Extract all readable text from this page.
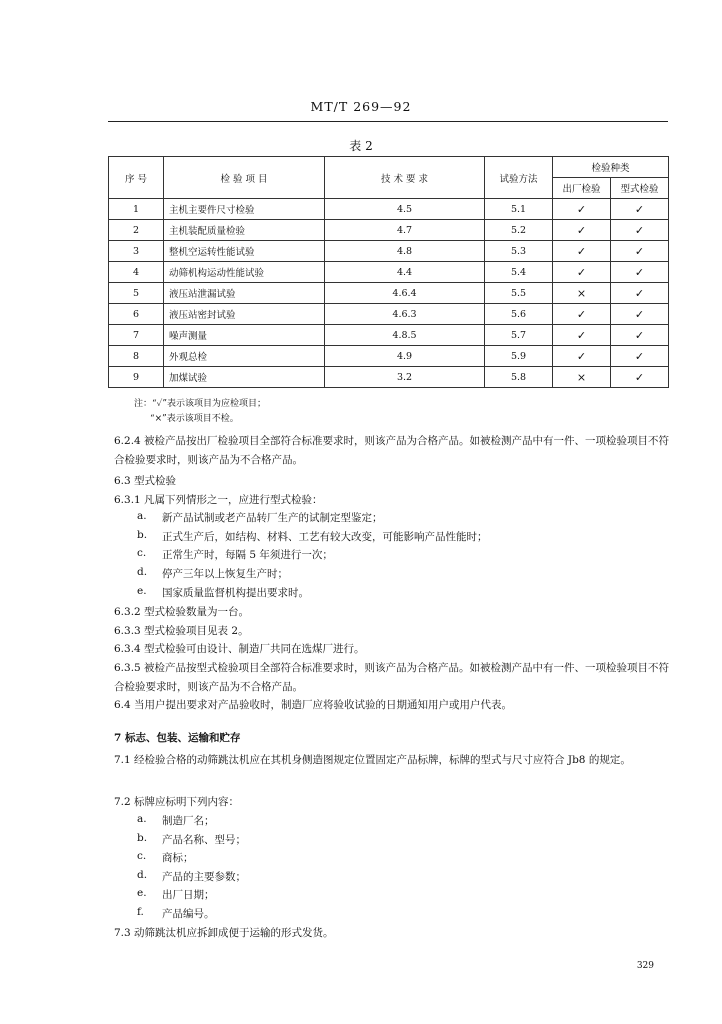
MT/T 269—92
表 2
序 号	检 验 项 目	技 术 要 求	试验方法	检验种类	
				出厂检验	型式检验
1	主机主要件尺寸检验	4.5	5.1	✓	✓
2	主机装配质量检验	4.7	5.2	✓	✓
3	整机空运转性能试验	4.8	5.3	✓	✓
4	动筛机构运动性能试验	4.4	5.4	✓	✓
5	液压站泄漏试验	4.6.4	5.5	×	✓
6	液压站密封试验	4.6.3	5.6	✓	✓
7	噪声测量	4.8.5	5.7	✓	✓
8	外观总检	4.9	5.9	✓	✓
9	加煤试验	3.2	5.8	×	✓
注：“✓”表示该项目为应检项目；
“×”表示该项目不检。
6.2.4 被检产品按出厂检验项目全部符合标准要求时，则该产品为合格产品。如被检测产品中有一件、一项检验项目不符合检验要求时，则该产品为不合格产品。
6.3 型式检验
6.3.1 凡属下列情形之一，应进行型式检验：
a. 新产品试制或老产品转厂生产的试制定型鉴定；
b. 正式生产后，如结构、材料、工艺有较大改变，可能影响产品性能时；
c. 正常生产时，每隔 5 年须进行一次；
d. 停产三年以上恢复生产时；
e. 国家质量监督机构提出要求时。
6.3.2 型式检验数量为一台。
6.3.3 型式检验项目见表 2。
6.3.4 型式检验可由设计、制造厂共同在选煤厂进行。
6.3.5 被检产品按型式检验项目全部符合标准要求时，则该产品为合格产品。如被检测产品中有一件、一项检验项目不符合检验要求时，则该产品为不合格产品。
6.4 当用户提出要求对产品验收时，制造厂应将验收试验的日期通知用户或用户代表。
7 标志、包装、运输和贮存
7.1 经检验合格的动筛跳汰机应在其机身侧造图规定位置固定产品标牌，标牌的型式与尺寸应符合 Jb8 的规定。
7.2 标牌应标明下列内容：
a. 制造厂名；
b. 产品名称、型号；
c. 商标；
d. 产品的主要参数；
e. 出厂日期；
f. 产品编号。
7.3 动筛跳汰机应拆卸成便于运输的形式发货。
329
